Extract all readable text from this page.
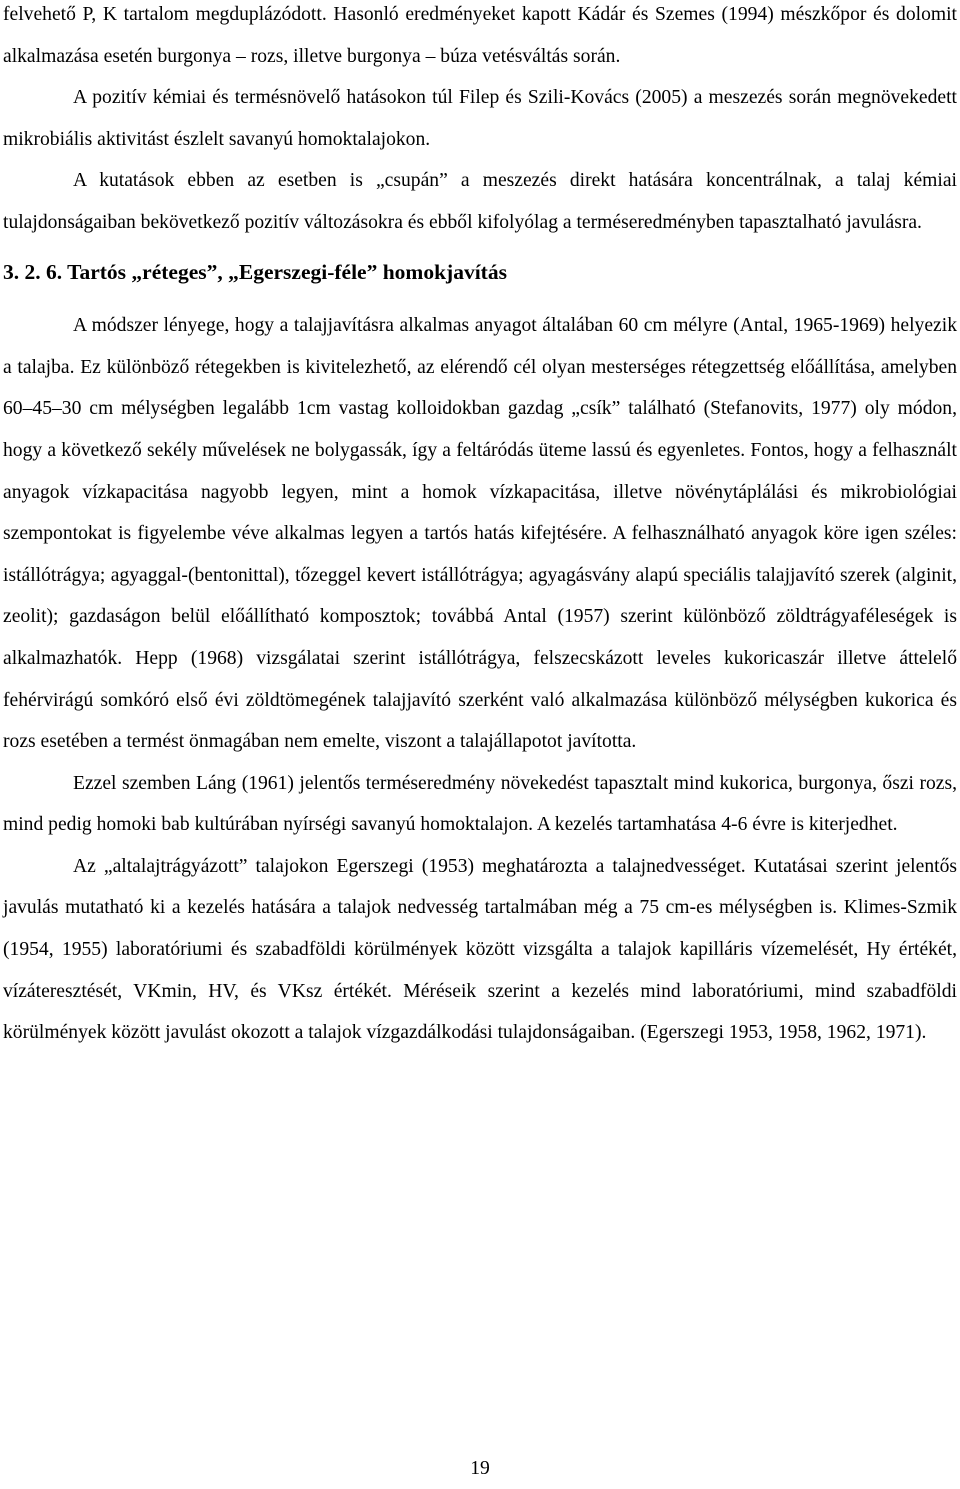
felvehető P, K tartalom megduplázódott. Hasonló eredményeket kapott Kádár és Szemes (1994) mészkőpor és dolomit alkalmazása esetén burgonya – rozs, illetve burgonya – búza vetésváltás során.

A pozitív kémiai és termésnövelő hatásokon túl Filep és Szili-Kovács (2005) a meszezés során megnövekedett mikrobiális aktivitást észlelt savanyú homoktalajokon.

A kutatások ebben az esetben is „csupán” a meszezés direkt hatására koncentrálnak, a talaj kémiai tulajdonságaiban bekövetkező pozitív változásokra és ebből kifolyólag a terméseredményben tapasztalható javulásra.

3. 2. 6. Tartós „réteges”, „Egerszegi-féle” homokjavítás

A módszer lényege, hogy a talajjavításra alkalmas anyagot általában 60 cm mélyre (Antal, 1965-1969) helyezik a talajba. Ez különböző rétegekben is kivitelezhető, az elérendő cél olyan mesterséges rétegzettség előállítása, amelyben 60–45–30 cm mélységben legalább 1cm vastag kolloidokban gazdag „csík” található (Stefanovits, 1977) oly módon, hogy a következő sekély művelések ne bolygassák, így a feltáródás üteme lassú és egyenletes. Fontos, hogy a felhasznált anyagok vízkapacitása nagyobb legyen, mint a homok vízkapacitása, illetve növénytáplálási és mikrobiológiai szempontokat is figyelembe véve alkalmas legyen a tartós hatás kifejtésére. A felhasználható anyagok köre igen széles: istállótrágya; agyaggal-(bentonittal), tőzeggel kevert istállótrágya; agyagásvány alapú speciális talajjavító szerek (alginit, zeolit); gazdaságon belül előállítható komposztok; továbbá Antal (1957) szerint különböző zöldtrágyaféleségek is alkalmazhatók. Hepp (1968) vizsgálatai szerint istállótrágya, felszecskázott leveles kukoricaszár illetve áttelelő fehérvirágú somkóró első évi zöldtömegének talajjavító szerként való alkalmazása különböző mélységben kukorica és rozs esetében a termést önmagában nem emelte, viszont a talajállapotot javította.

Ezzel szemben Láng (1961) jelentős terméseredmény növekedést tapasztalt mind kukorica, burgonya, őszi rozs, mind pedig homoki bab kultúrában nyírségi savanyú homoktalajon. A kezelés tartamhatása 4-6 évre is kiterjedhet.

Az „altalajtrágyázott” talajokon Egerszegi (1953) meghatározta a talajnedvességet. Kutatásai szerint jelentős javulás mutatható ki a kezelés hatására a talajok nedvesség tartalmában még a 75 cm-es mélységben is. Klimes-Szmik (1954, 1955) laboratóriumi és szabadföldi körülmények között vizsgálta a talajok kapilláris vízemelését, Hy értékét, vízáteresztését, VKmin, HV, és VKsz értékét. Méréseik szerint a kezelés mind laboratóriumi, mind szabadföldi körülmények között javulást okozott a talajok vízgazdálkodási tulajdonságaiban. (Egerszegi 1953, 1958, 1962, 1971).

19
